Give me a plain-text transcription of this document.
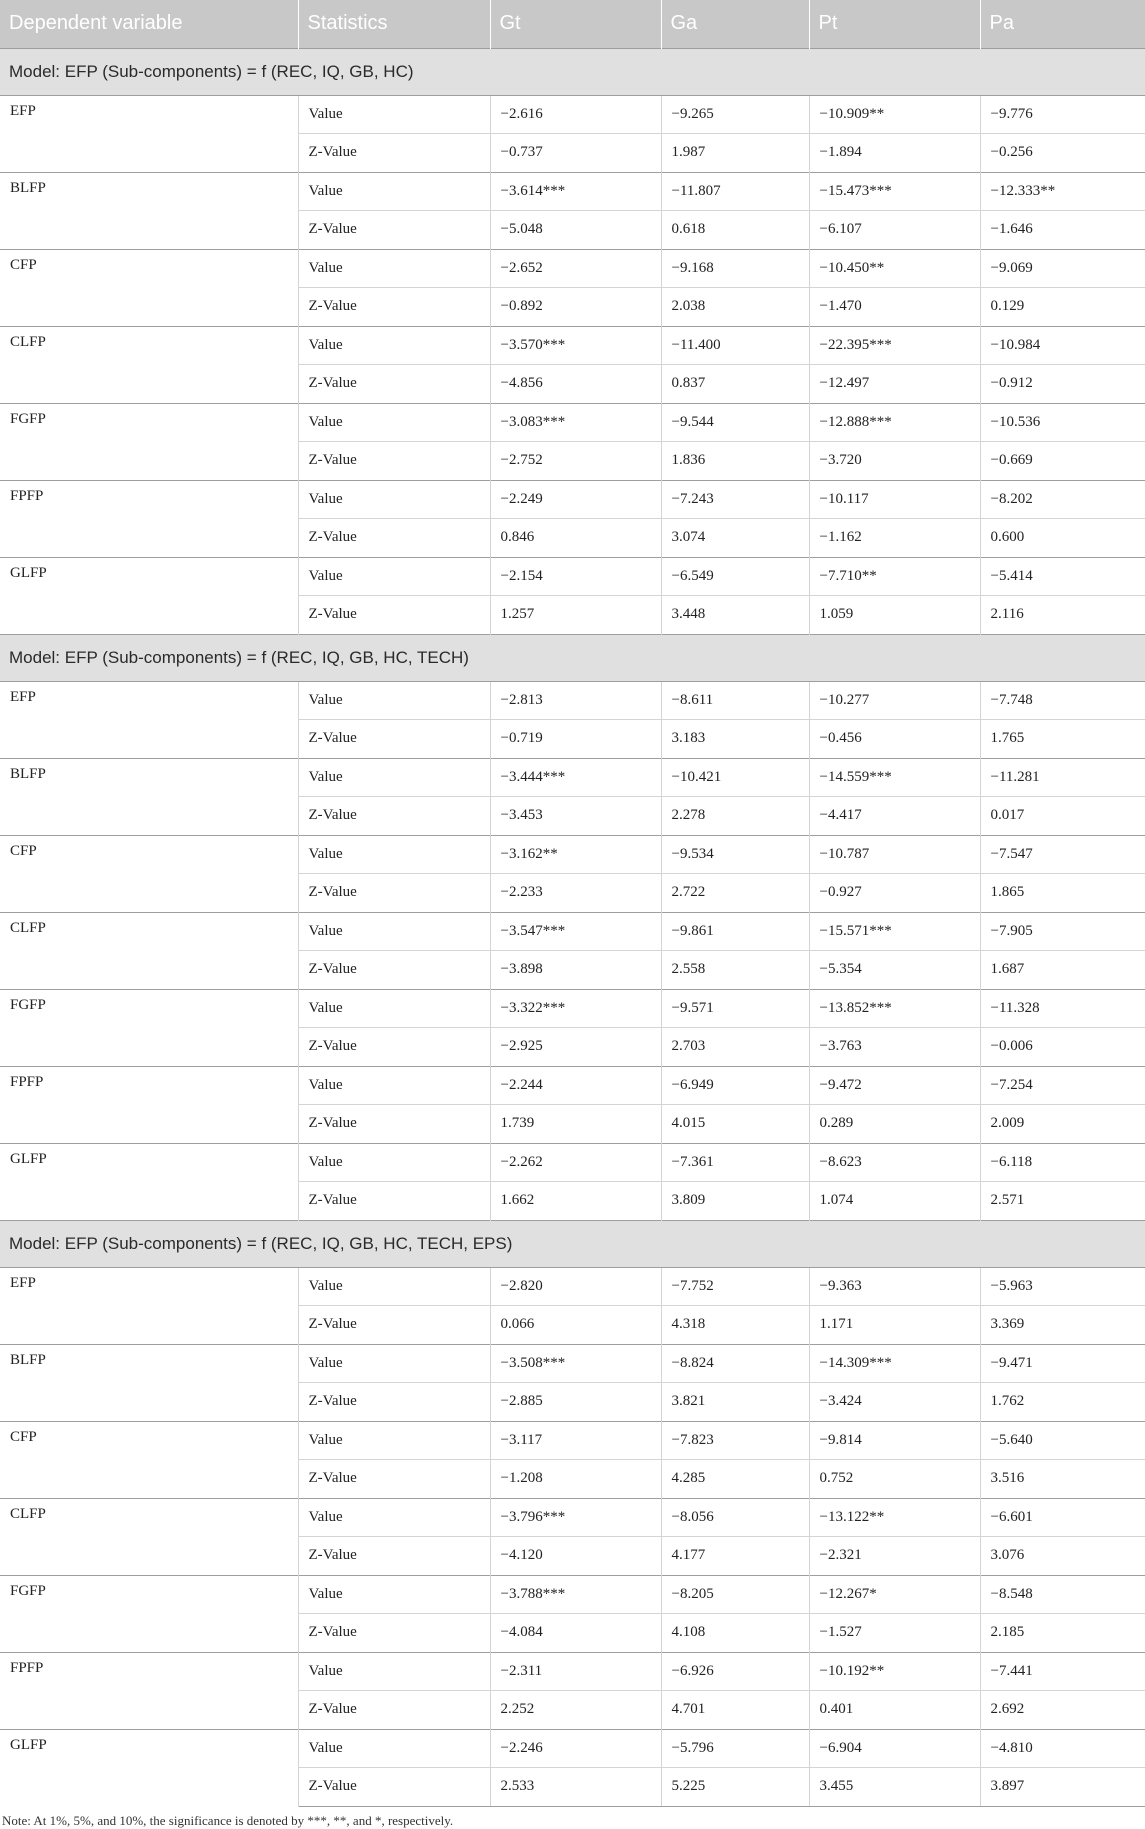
Dependent variable	Statistics	Gt	Ga	Pt	Pa
Model: EFP (Sub-components) = f (REC, IQ, GB, HC)					
EFP	Value	−2.616	−9.265	−10.909**	−9.776
	Z-Value	−0.737	1.987	−1.894	−0.256
BLFP	Value	−3.614***	−11.807	−15.473***	−12.333**
	Z-Value	−5.048	0.618	−6.107	−1.646
CFP	Value	−2.652	−9.168	−10.450**	−9.069
	Z-Value	−0.892	2.038	−1.470	0.129
CLFP	Value	−3.570***	−11.400	−22.395***	−10.984
	Z-Value	−4.856	0.837	−12.497	−0.912
FGFP	Value	−3.083***	−9.544	−12.888***	−10.536
	Z-Value	−2.752	1.836	−3.720	−0.669
FPFP	Value	−2.249	−7.243	−10.117	−8.202
	Z-Value	0.846	3.074	−1.162	0.600
GLFP	Value	−2.154	−6.549	−7.710**	−5.414
	Z-Value	1.257	3.448	1.059	2.116
Model: EFP (Sub-components) = f (REC, IQ, GB, HC, TECH)					
EFP	Value	−2.813	−8.611	−10.277	−7.748
	Z-Value	−0.719	3.183	−0.456	1.765
BLFP	Value	−3.444***	−10.421	−14.559***	−11.281
	Z-Value	−3.453	2.278	−4.417	0.017
CFP	Value	−3.162**	−9.534	−10.787	−7.547
	Z-Value	−2.233	2.722	−0.927	1.865
CLFP	Value	−3.547***	−9.861	−15.571***	−7.905
	Z-Value	−3.898	2.558	−5.354	1.687
FGFP	Value	−3.322***	−9.571	−13.852***	−11.328
	Z-Value	−2.925	2.703	−3.763	−0.006
FPFP	Value	−2.244	−6.949	−9.472	−7.254
	Z-Value	1.739	4.015	0.289	2.009
GLFP	Value	−2.262	−7.361	−8.623	−6.118
	Z-Value	1.662	3.809	1.074	2.571
Model: EFP (Sub-components) = f (REC, IQ, GB, HC, TECH, EPS)					
EFP	Value	−2.820	−7.752	−9.363	−5.963
	Z-Value	0.066	4.318	1.171	3.369
BLFP	Value	−3.508***	−8.824	−14.309***	−9.471
	Z-Value	−2.885	3.821	−3.424	1.762
CFP	Value	−3.117	−7.823	−9.814	−5.640
	Z-Value	−1.208	4.285	0.752	3.516
CLFP	Value	−3.796***	−8.056	−13.122**	−6.601
	Z-Value	−4.120	4.177	−2.321	3.076
FGFP	Value	−3.788***	−8.205	−12.267*	−8.548
	Z-Value	−4.084	4.108	−1.527	2.185
FPFP	Value	−2.311	−6.926	−10.192**	−7.441
	Z-Value	2.252	4.701	0.401	2.692
GLFP	Value	−2.246	−5.796	−6.904	−4.810
	Z-Value	2.533	5.225	3.455	3.897
Note: At 1%, 5%, and 10%, the significance is denoted by ***, **, and *, respectively.
